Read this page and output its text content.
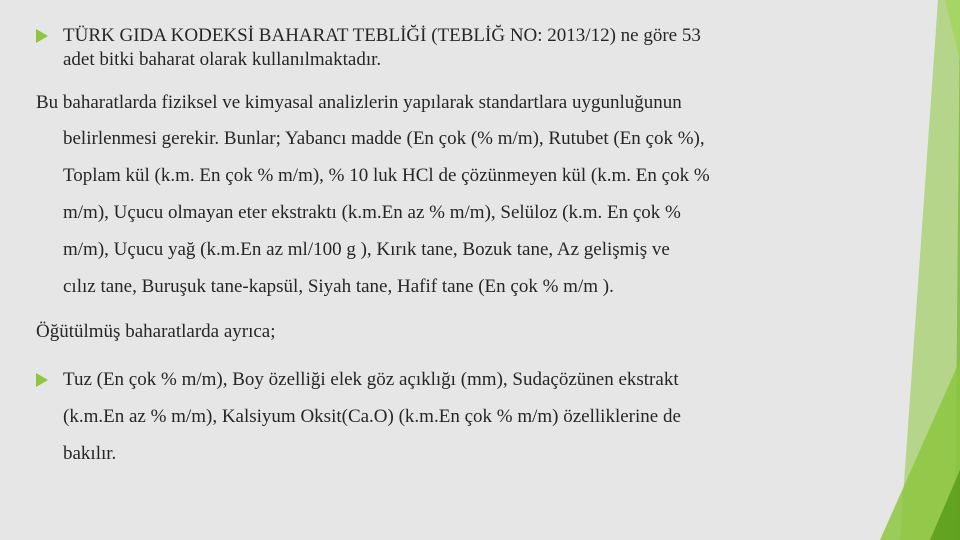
TÜRK GIDA KODEKSİ BAHARAT TEBLİĞİ (TEBLİĞ NO: 2013/12) ne göre 53
adet bitki baharat olarak kullanılmaktadır.
Bu baharatlarda fiziksel ve kimyasal analizlerin yapılarak standartlara uygunluğunun
belirlenmesi gerekir. Bunlar; Yabancı madde (En çok (% m/m), Rutubet (En çok %),
Toplam kül (k.m. En çok % m/m), % 10 luk HCl de çözünmeyen kül (k.m. En çok %
m/m), Uçucu olmayan eter ekstraktı (k.m.En az % m/m), Selüloz (k.m. En çok %
m/m), Uçucu yağ (k.m.En az ml/100 g ), Kırık tane, Bozuk tane, Az gelişmiş ve
cılız tane, Buruşuk tane-kapsül, Siyah tane, Hafif tane (En çok % m/m ).
Öğütülmüş baharatlarda ayrıca;
Tuz (En çok % m/m), Boy özelliği elek göz açıklığı (mm), Sudaçözünen ekstrakt
(k.m.En az % m/m), Kalsiyum Oksit(Ca.O) (k.m.En çok % m/m) özelliklerine de
bakılır.
